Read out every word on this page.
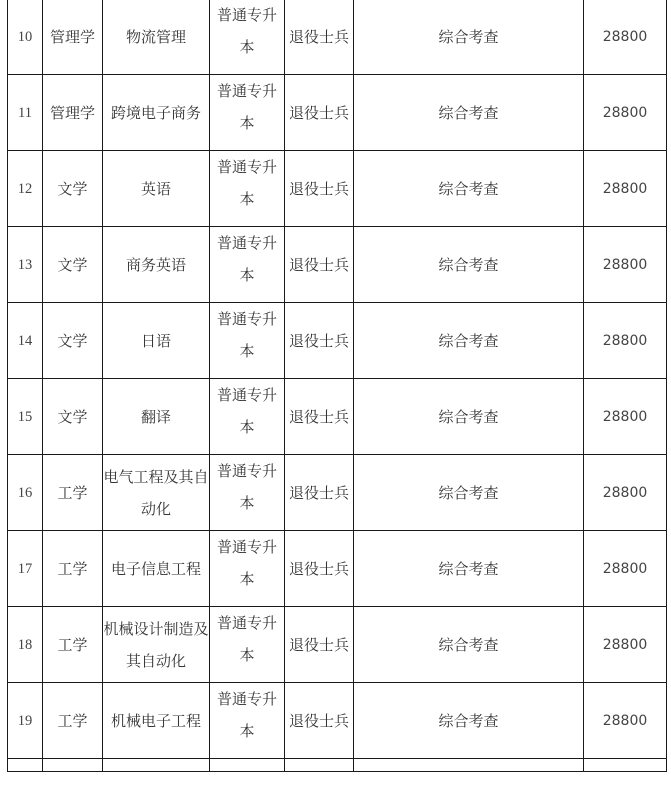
10	管理学	物流管理	普通专升本	退役士兵	综合考查	28800
11	管理学	跨境电子商务	普通专升本	退役士兵	综合考查	28800
12	文学	英语	普通专升本	退役士兵	综合考查	28800
13	文学	商务英语	普通专升本	退役士兵	综合考查	28800
14	文学	日语	普通专升本	退役士兵	综合考查	28800
15	文学	翻译	普通专升本	退役士兵	综合考查	28800
16	工学	电气工程及其自动化	普通专升本	退役士兵	综合考查	28800
17	工学	电子信息工程	普通专升本	退役士兵	综合考查	28800
18	工学	机械设计制造及其自动化	普通专升本	退役士兵	综合考查	28800
19	工学	机械电子工程	普通专升本	退役士兵	综合考查	28800
